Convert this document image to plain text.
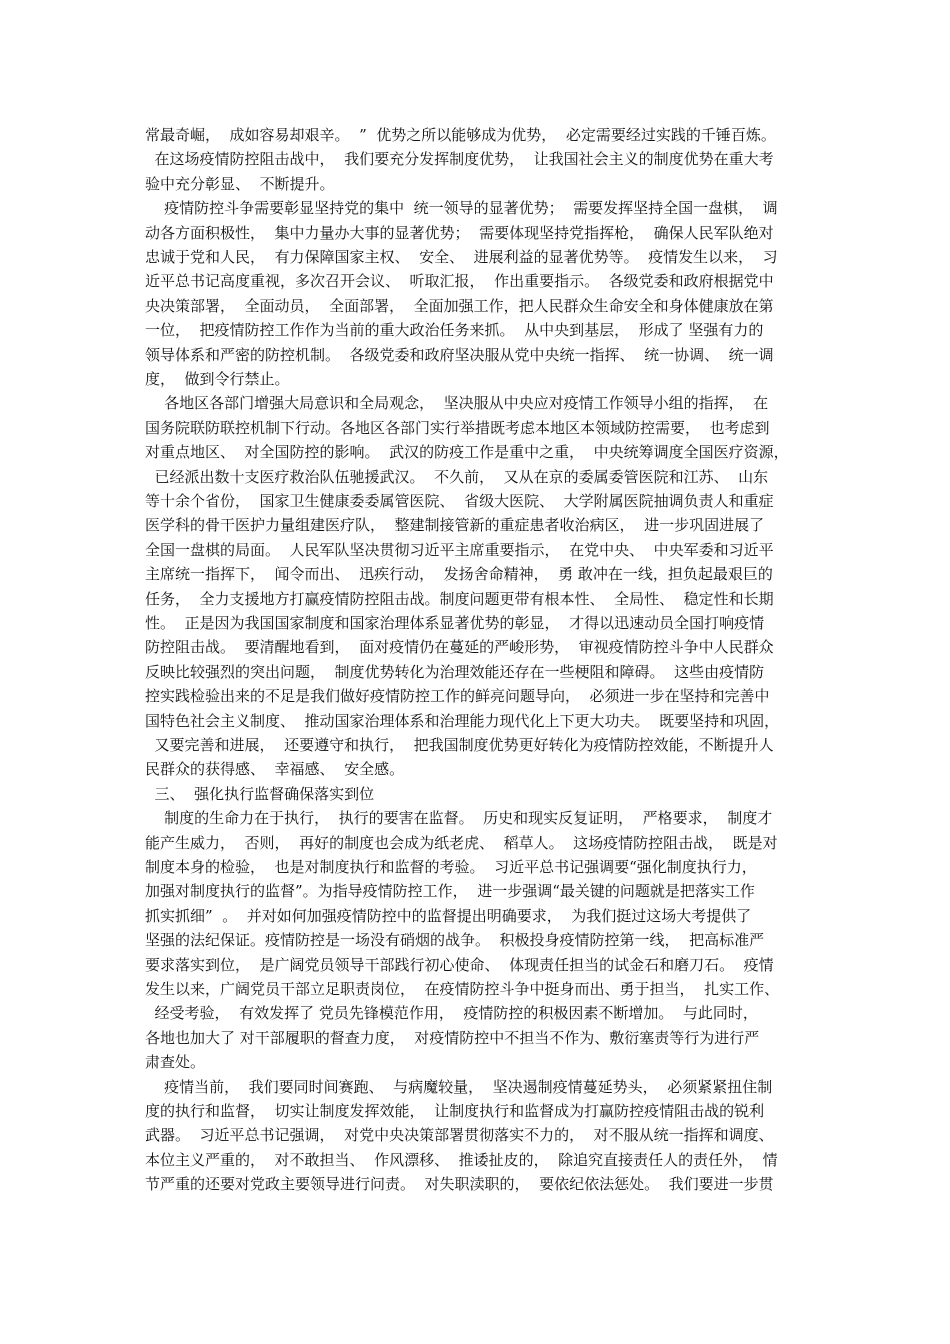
常最奇崛，  成如容易却艰辛。  ”  优势之所以能够成为优势，  必定需要经过实践的千锤百炼。
在这场疫情防控阻击战中，  我们要充分发挥制度优势，  让我国社会主义的制度优势在重大考
验中充分彰显、  不断提升。
疫情防控斗争需要彰显坚持党的集中  统一领导的显著优势；  需要发挥坚持全国一盘棋，  调
动各方面积极性，  集中力量办大事的显著优势；  需要体现坚持党指挥枪，  确保人民军队绝对
忠诚于党和人民，  有力保障国家主权、  安全、  进展利益的显著优势等。  疫情发生以来，  习
近平总书记高度重视，多次召开会议、  听取汇报，  作出重要指示。  各级党委和政府根据党中
央决策部署，  全面动员，  全面部署，  全面加强工作，把人民群众生命安全和身体健康放在第
一位，  把疫情防控工作作为当前的重大政治任务来抓。  从中央到基层，  形成了 坚强有力的
领导体系和严密的防控机制。  各级党委和政府坚决服从党中央统一指挥、  统一协调、  统一调
度，  做到令行禁止。
各地区各部门增强大局意识和全局观念，  坚决服从中央应对疫情工作领导小组的指挥，  在
国务院联防联控机制下行动。各地区各部门实行举措既考虑本地区本领域防控需要，  也考虑到
对重点地区、  对全国防控的影响。  武汉的防疫工作是重中之重，  中央统筹调度全国医疗资源，
已经派出数十支医疗救治队伍驰援武汉。  不久前，  又从在京的委属委管医院和江苏、  山东
等十余个省份，  国家卫生健康委委属管医院、  省级大医院、  大学附属医院抽调负责人和重症
医学科的骨干医护力量组建医疗队，  整建制接管新的重症患者收治病区，  进一步巩固进展了
全国一盘棋的局面。  人民军队坚决贯彻习近平主席重要指示，  在党中央、  中央军委和习近平
主席统一指挥下，  闻令而出、  迅疾行动，  发扬舍命精神，  勇 敢冲在一线，担负起最艰巨的
任务，  全力支援地方打赢疫情防控阻击战。制度问题更带有根本性、  全局性、  稳定性和长期
性。  正是因为我国国家制度和国家治理体系显著优势的彰显，  才得以迅速动员全国打响疫情
防控阻击战。  要清醒地看到，  面对疫情仍在蔓延的严峻形势，  审视疫情防控斗争中人民群众
反映比较强烈的突出问题，  制度优势转化为治理效能还存在一些梗阻和障碍。  这些由疫情防
控实践检验出来的不足是我们做好疫情防控工作的鲜亮问题导向，  必须进一步在坚持和完善中
国特色社会主义制度、  推动国家治理体系和治理能力现代化上下更大功夫。  既要坚持和巩固，
又要完善和进展，  还要遵守和执行，  把我国制度优势更好转化为疫情防控效能，不断提升人
民群众的获得感、  幸福感、  安全感。
三、  强化执行监督确保落实到位
制度的生命力在于执行，  执行的要害在监督。  历史和现实反复证明，  严格要求，  制度才
能产生威力，  否则，  再好的制度也会成为纸老虎、  稻草人。  这场疫情防控阻击战，  既是对
制度本身的检验，  也是对制度执行和监督的考验。  习近平总书记强调要“强化制度执行力，
加强对制度执行的监督”。为指导疫情防控工作，  进一步强调“最关键的问题就是把落实工作
抓实抓细”  。  并对如何加强疫情防控中的监督提出明确要求，  为我们挺过这场大考提供了
坚强的法纪保证。疫情防控是一场没有硝烟的战争。  积极投身疫情防控第一线，  把高标准严
要求落实到位，  是广阔党员领导干部践行初心使命、  体现责任担当的试金石和磨刀石。  疫情
发生以来，广阔党员干部立足职责岗位，  在疫情防控斗争中挺身而出、勇于担当，  扎实工作、
经受考验，  有效发挥了 党员先锋模范作用，  疫情防控的积极因素不断增加。  与此同时，
各地也加大了 对干部履职的督查力度，  对疫情防控中不担当不作为、敷衍塞责等行为进行严
肃查处。
疫情当前，  我们要同时间赛跑、  与病魔较量，  坚决遏制疫情蔓延势头，  必须紧紧扭住制
度的执行和监督，  切实让制度发挥效能，  让制度执行和监督成为打赢防控疫情阻击战的锐利
武器。  习近平总书记强调，  对党中央决策部署贯彻落实不力的，  对不服从统一指挥和调度、
本位主义严重的，  对不敢担当、  作风漂移、  推诿扯皮的，  除追究直接责任人的责任外，  情
节严重的还要对党政主要领导进行问责。  对失职渎职的，  要依纪依法惩处。  我们要进一步贯
